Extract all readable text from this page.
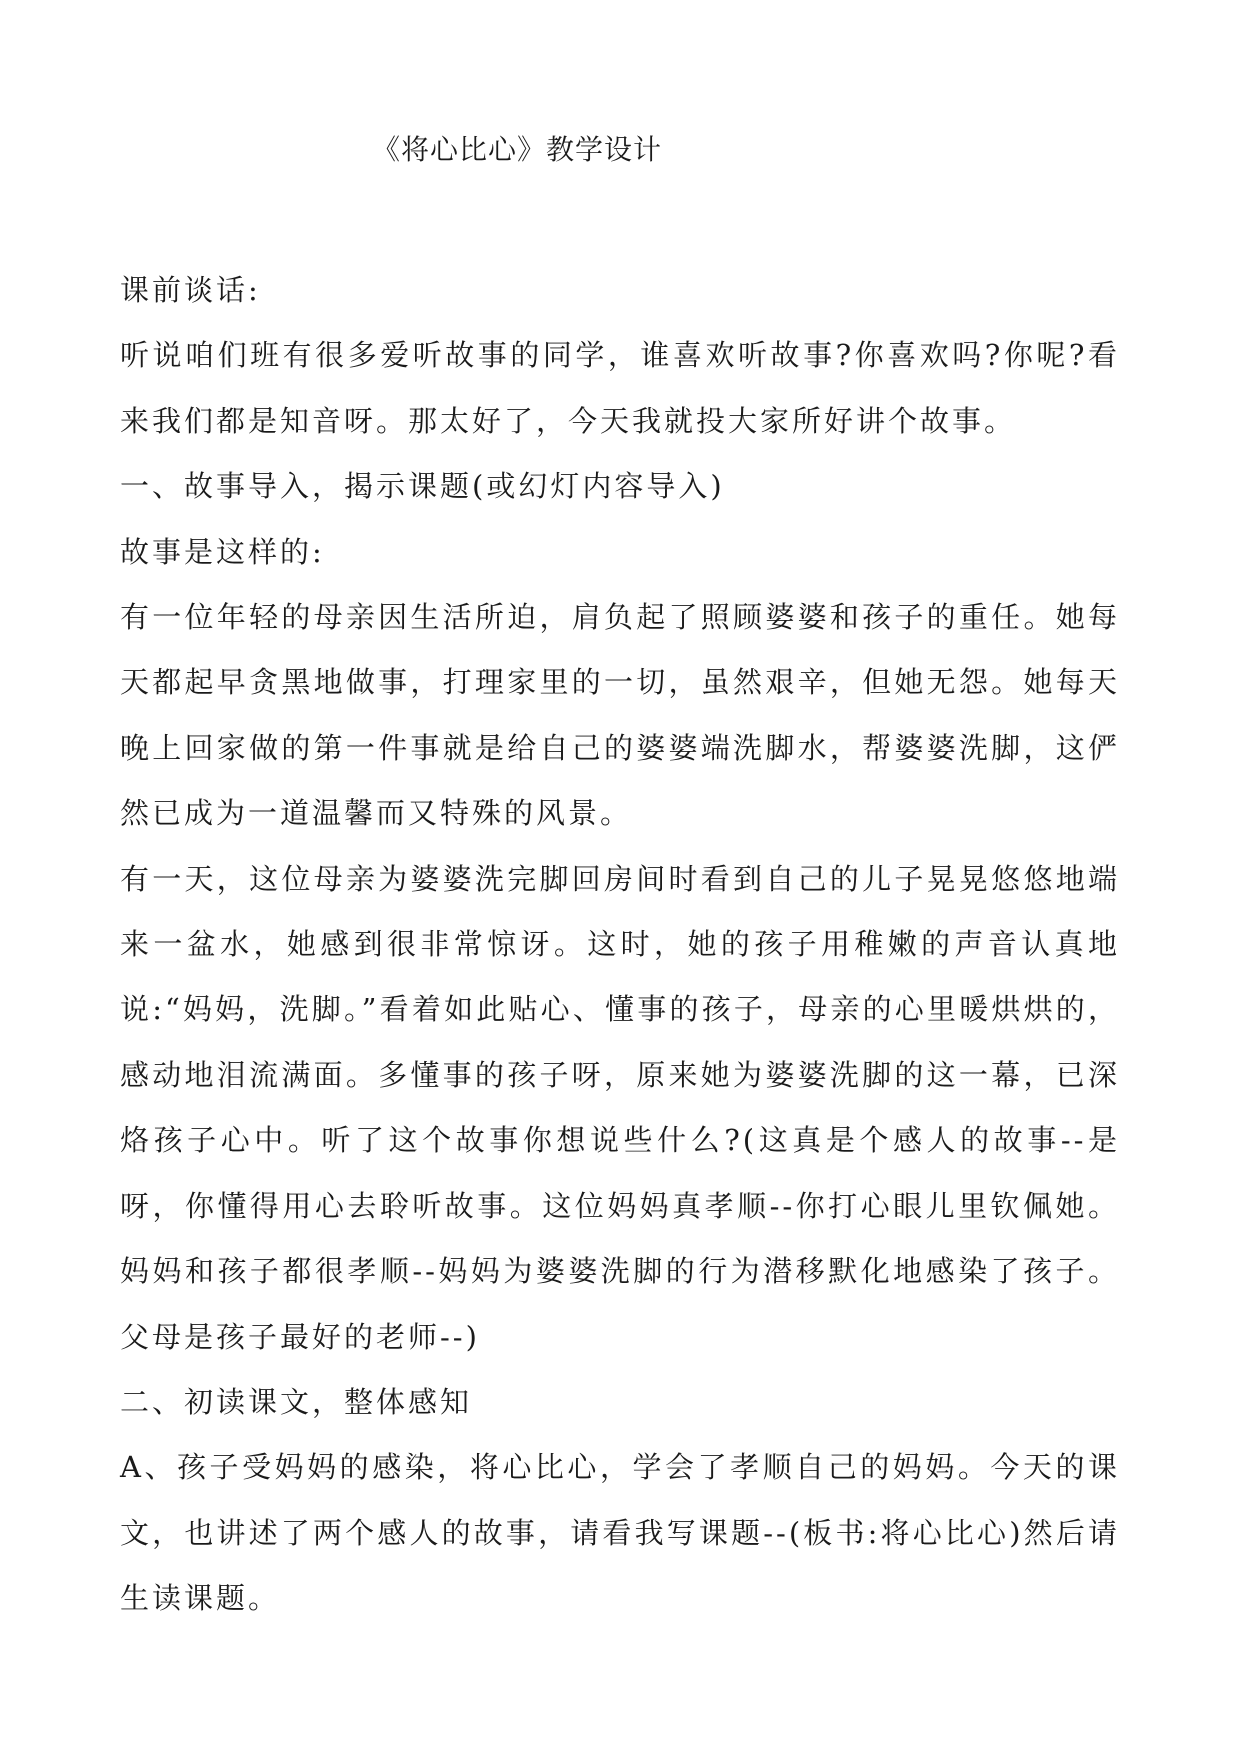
《将心比心》教学设计

课前谈话:

听说咱们班有很多爱听故事的同学，谁喜欢听故事?你喜欢吗?你呢?看来我们都是知音呀。那太好了，今天我就投大家所好讲个故事。

一、故事导入，揭示课题(或幻灯内容导入)

故事是这样的:

有一位年轻的母亲因生活所迫，肩负起了照顾婆婆和孩子的重任。她每天都起早贪黑地做事，打理家里的一切，虽然艰辛，但她无怨。她每天晚上回家做的第一件事就是给自己的婆婆端洗脚水，帮婆婆洗脚，这俨然已成为一道温馨而又特殊的风景。

有一天，这位母亲为婆婆洗完脚回房间时看到自己的儿子晃晃悠悠地端来一盆水，她感到很非常惊讶。这时，她的孩子用稚嫩的声音认真地说:“妈妈，洗脚。”看着如此贴心、懂事的孩子，母亲的心里暖烘烘的，感动地泪流满面。多懂事的孩子呀，原来她为婆婆洗脚的这一幕，已深烙孩子心中。听了这个故事你想说些什么?(这真是个感人的故事--是呀，你懂得用心去聆听故事。这位妈妈真孝顺--你打心眼儿里钦佩她。妈妈和孩子都很孝顺--妈妈为婆婆洗脚的行为潜移默化地感染了孩子。父母是孩子最好的老师--)

二、初读课文，整体感知

A、孩子受妈妈的感染，将心比心，学会了孝顺自己的妈妈。今天的课文，也讲述了两个感人的故事，请看我写课题--(板书:将心比心)然后请生读课题。
